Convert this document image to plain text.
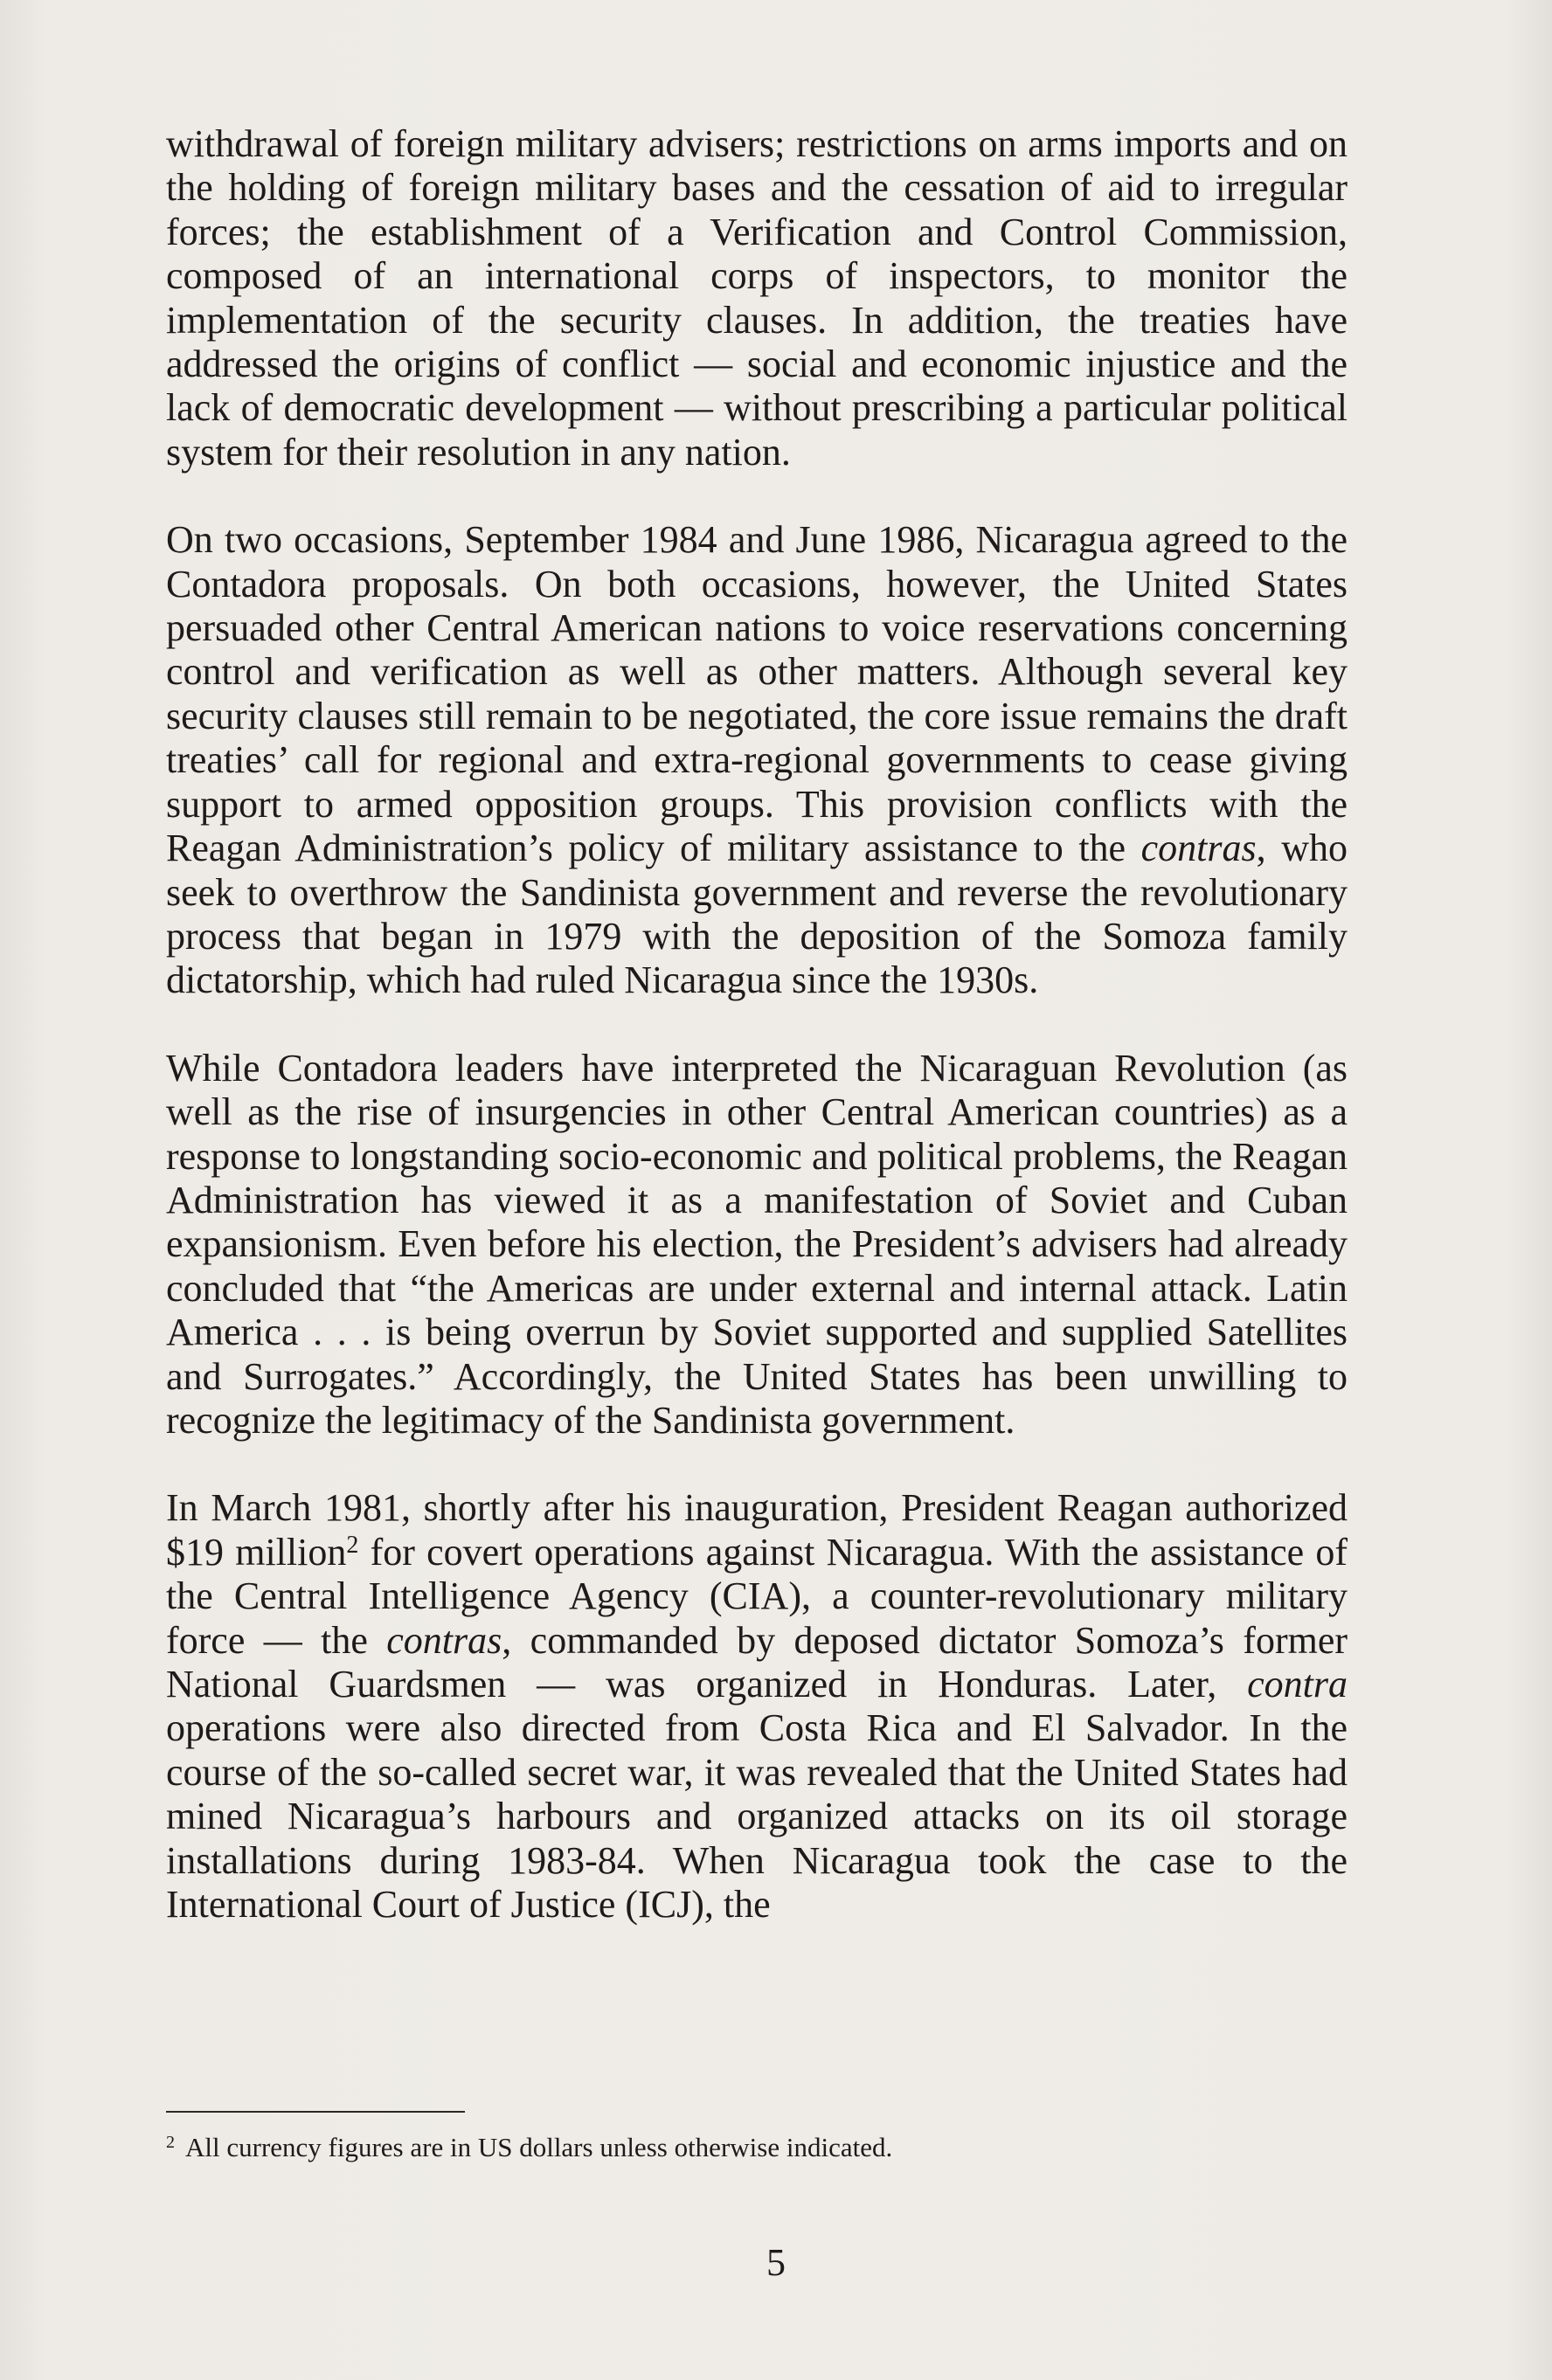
withdrawal of foreign military advisers; restrictions on arms imports and on the holding of foreign military bases and the cessation of aid to irregular forces; the establishment of a Verification and Control Commission, composed of an international corps of inspectors, to monitor the implementation of the security clauses. In addition, the treaties have addressed the origins of conflict — social and economic injustice and the lack of democratic development — without prescribing a particular political system for their resolution in any nation.

On two occasions, September 1984 and June 1986, Nicaragua agreed to the Contadora proposals. On both occasions, however, the United States persuaded other Central American nations to voice reservations concerning control and verification as well as other matters. Although several key security clauses still remain to be negotiated, the core issue remains the draft treaties’ call for regional and extra-regional governments to cease giving support to armed opposition groups. This provision conflicts with the Reagan Administration’s policy of military assistance to the contras, who seek to overthrow the Sandinista government and reverse the revolutionary process that began in 1979 with the deposition of the Somoza family dictatorship, which had ruled Nicaragua since the 1930s.

While Contadora leaders have interpreted the Nicaraguan Revolution (as well as the rise of insurgencies in other Central American countries) as a response to longstanding socio-economic and political problems, the Reagan Administration has viewed it as a manifestation of Soviet and Cuban expansionism. Even before his election, the President’s advisers had already concluded that “the Americas are under external and internal attack. Latin America . . . is being overrun by Soviet supported and supplied Satellites and Surrogates.” Accordingly, the United States has been unwilling to recognize the legitimacy of the Sandinista government.

In March 1981, shortly after his inauguration, President Reagan authorized $19 million$^2$ for covert operations against Nicaragua. With the assistance of the Central Intelligence Agency (CIA), a counter-revolutionary military force — the contras, commanded by deposed dictator Somoza’s former National Guardsmen — was organized in Honduras. Later, contra operations were also directed from Costa Rica and El Salvador. In the course of the so-called secret war, it was revealed that the United States had mined Nicaragua’s harbours and organized attacks on its oil storage installations during 1983-84. When Nicaragua took the case to the International Court of Justice (ICJ), the

$^2$ All currency figures are in US dollars unless otherwise indicated.
5
